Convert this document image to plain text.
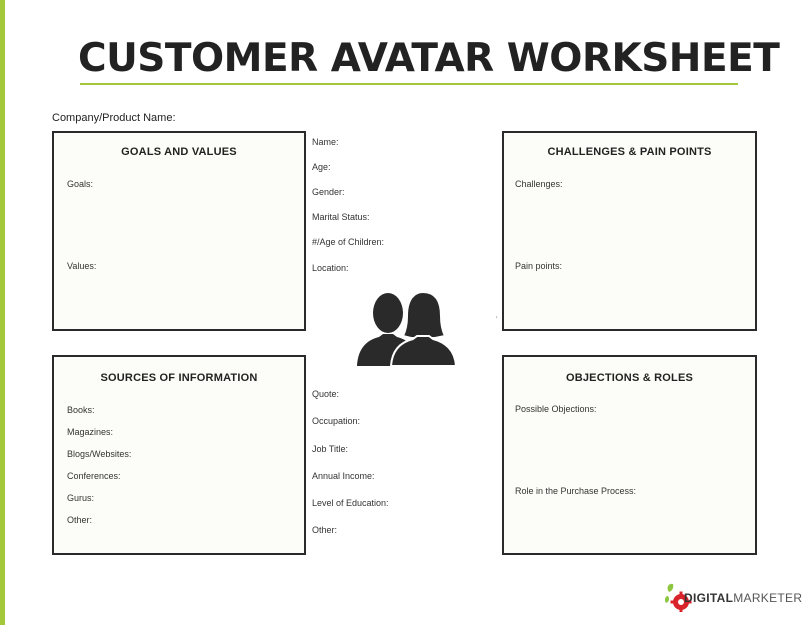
CUSTOMER AVATAR WORKSHEET
Company/Product Name:
GOALS AND VALUES
Goals:
Values:
CHALLENGES & PAIN POINTS
Challenges:
Pain points:
SOURCES OF INFORMATION
Books:
Magazines:
Blogs/Websites:
Conferences:
Gurus:
Other:
OBJECTIONS & ROLES
Possible Objections:
Role in the Purchase Process:
Name:
Age:
Gender:
Marital Status:
#/Age of Children:
Location:
Quote:
Occupation:
Job Title:
Annual Income:
Level of Education:
Other:
ʼ
DIGITALMARKETER
